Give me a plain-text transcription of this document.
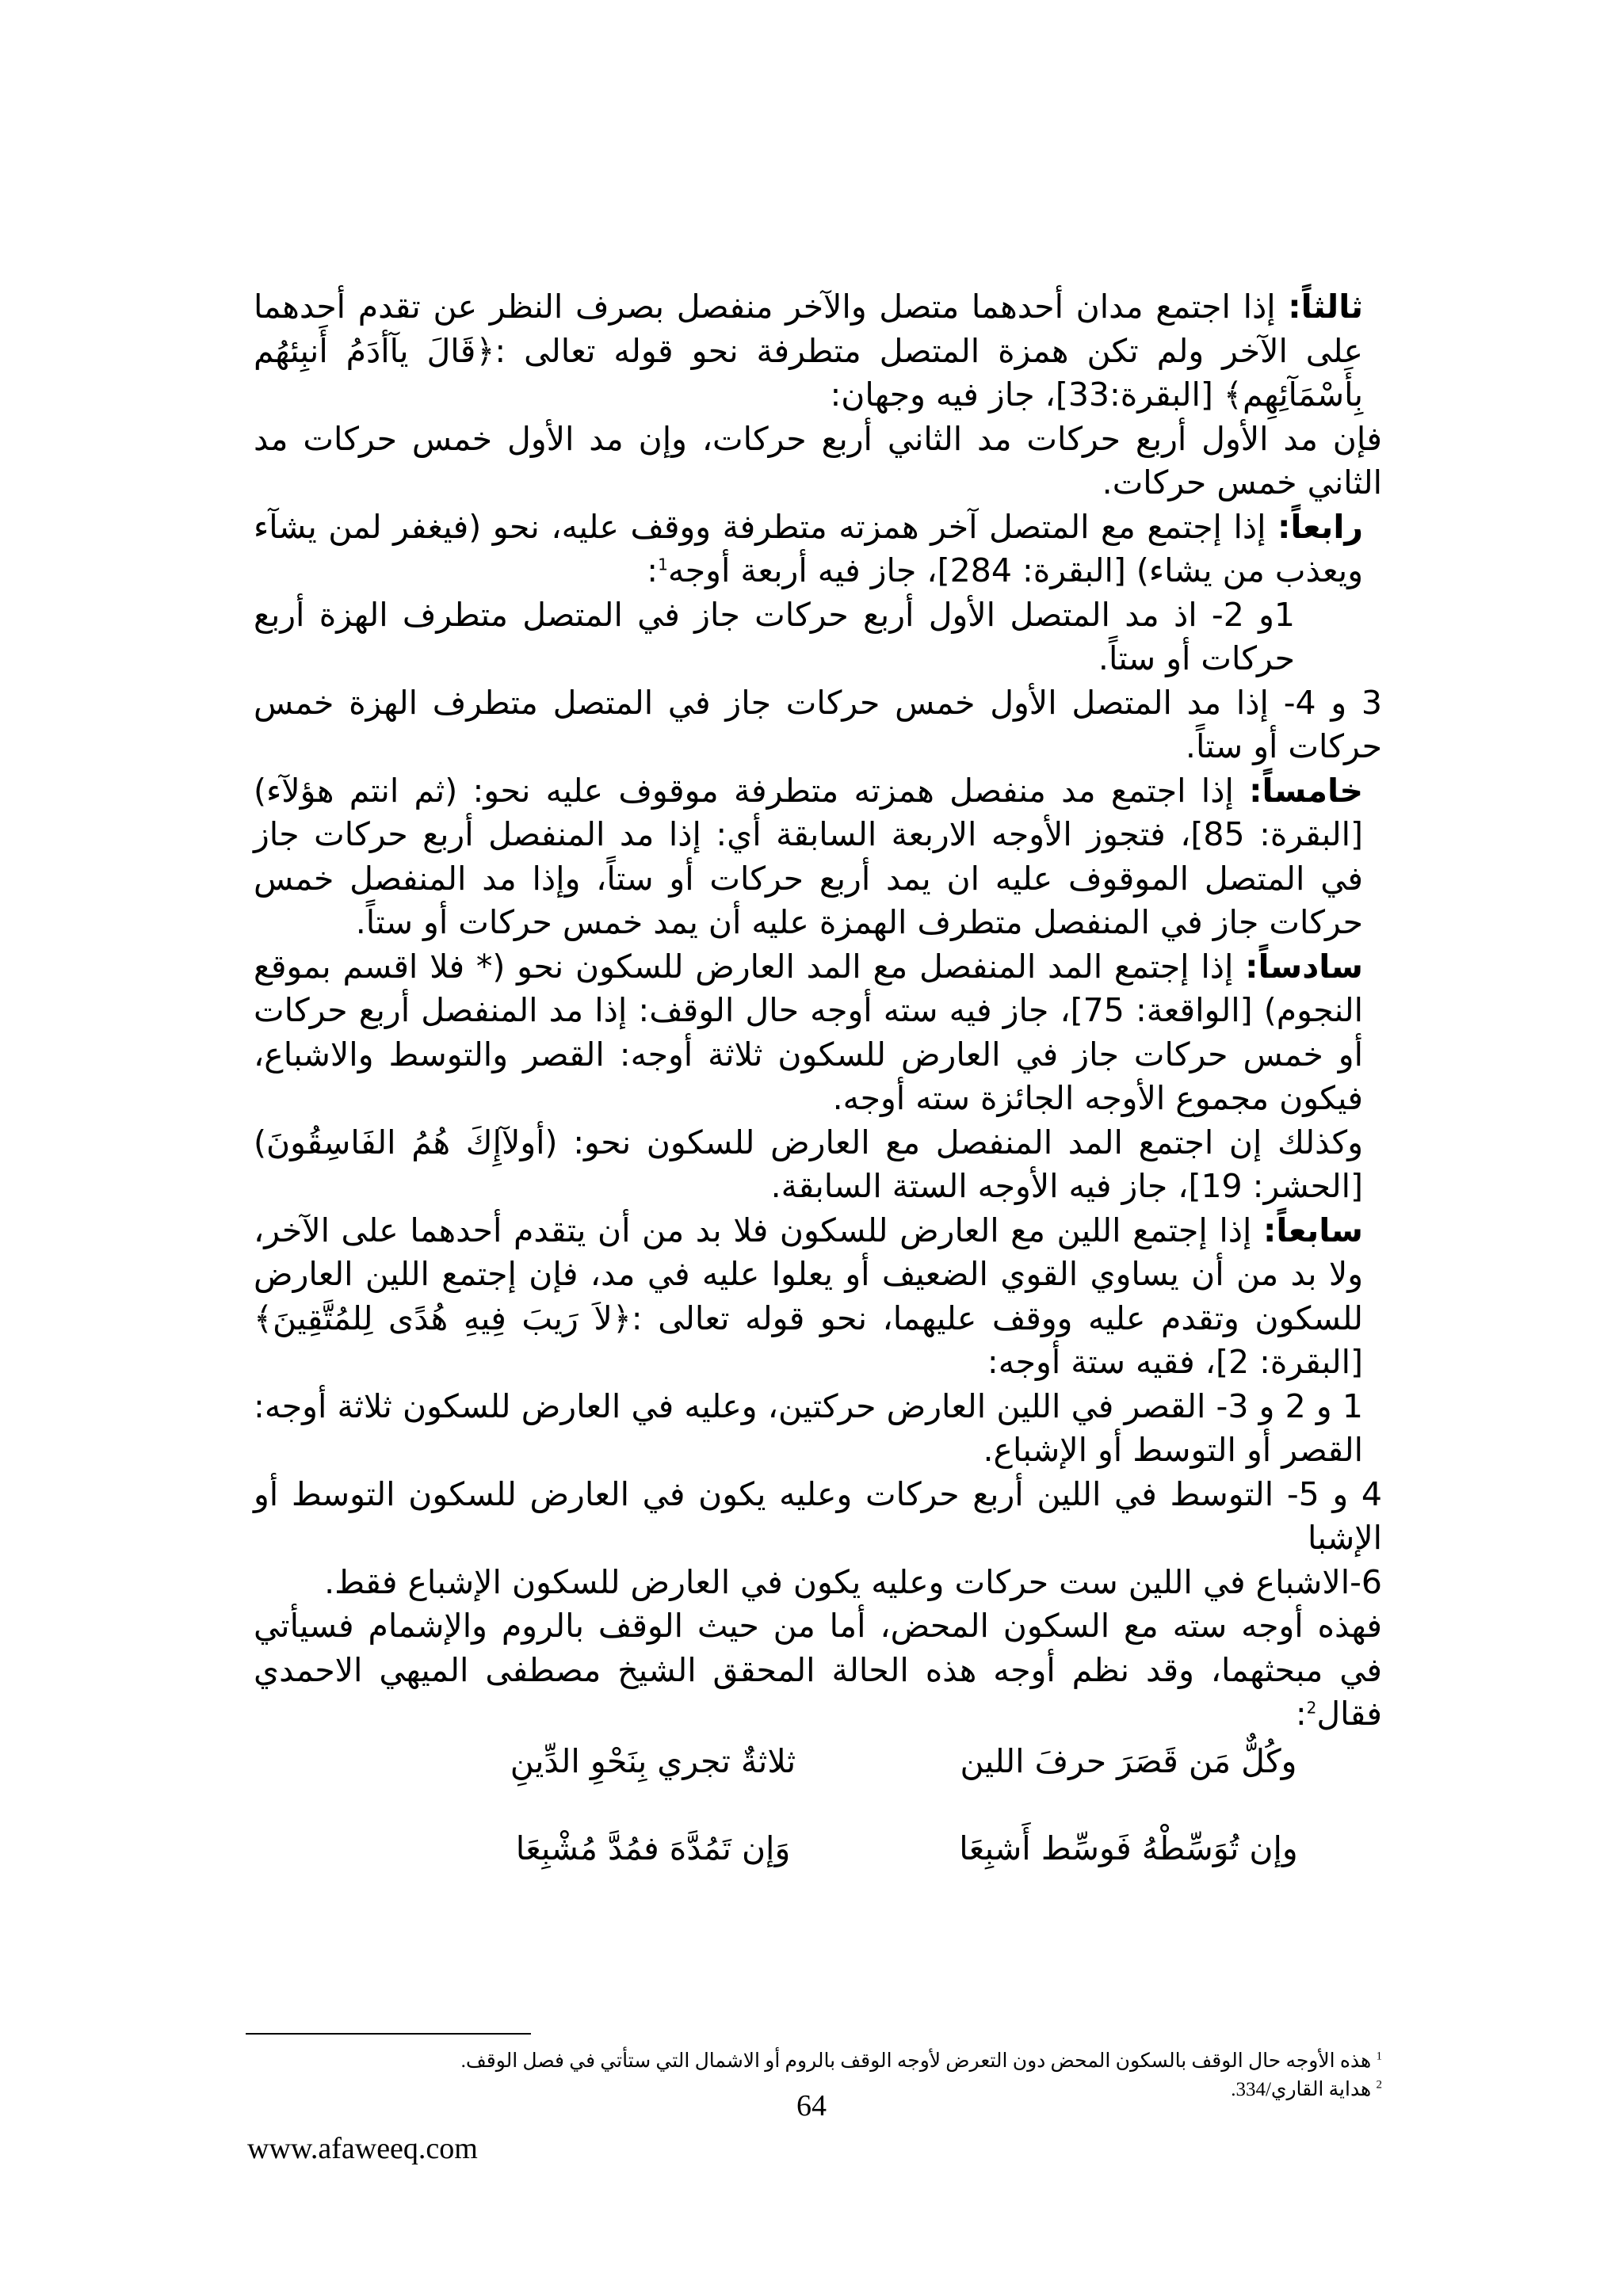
ثالثاً: إذا اجتمع مدان أحدهما متصل والآخر منفصل بصرف النظر عن تقدم أحدهما على الآخر ولم تكن همزة المتصل متطرفة نحو قوله تعالى :﴿قَالَ يآأدَمُ أَنبِئهُم بِأَسْمَآئِهِم﴾ [البقرة:33]، جاز فيه وجهان:

فإن مد الأول أربع حركات مد الثاني أربع حركات، وإن مد الأول خمس حركات مد الثاني خمس حركات.

رابعاً: إذا إجتمع مع المتصل آخر همزته متطرفة ووقف عليه، نحو (فيغفر لمن يشآء ويعذب من يشاء) [البقرة: 284]، جاز فيه أربعة أوجه$^1$:

1و 2- اذ مد المتصل الأول أربع حركات جاز في المتصل متطرف الهزة أربع حركات أو ستاً.

3 و 4- إذا مد المتصل الأول خمس حركات جاز في المتصل متطرف الهزة خمس حركات أو ستاً.

خامساً: إذا اجتمع مد منفصل همزته متطرفة موقوف عليه نحو: (ثم انتم هؤلآء) [البقرة: 85]، فتجوز الأوجه الاربعة السابقة أي: إذا مد المنفصل أربع حركات جاز في المتصل الموقوف عليه ان يمد أربع حركات أو ستاً، وإذا مد المنفصل خمس حركات جاز في المنفصل متطرف الهمزة عليه أن يمد خمس حركات أو ستاً.

سادساً: إذا إجتمع المد المنفصل مع المد العارض للسكون نحو (* فلا اقسم بموقع النجوم) [الواقعة: 75]، جاز فيه سته أوجه حال الوقف: إذا مد المنفصل أربع حركات أو خمس حركات جاز في العارض للسكون ثلاثة أوجه: القصر والتوسط والاشباع، فيكون مجموع الأوجه الجائزة سته أوجه.

وكذلك إن اجتمع المد المنفصل مع العارض للسكون نحو: (أولآإِكَ هُمُ الفَاسِقُونَ) [الحشر: 19]، جاز فيه الأوجه الستة السابقة.

سابعاً: إذا إجتمع اللين مع العارض للسكون فلا بد من أن يتقدم أحدهما على الآخر، ولا بد من أن يساوي القوي الضعيف أو يعلوا عليه في مد، فإن إجتمع اللين العارض للسكون وتقدم عليه ووقف عليهما، نحو قوله تعالى :﴿لاَ رَيبَ فِيهِ هُدًى لِلمُتَّقِينَ﴾ [البقرة: 2]، فقيه ستة أوجه:

1 و 2 و 3- القصر في اللين العارض حركتين، وعليه في العارض للسكون ثلاثة أوجه: القصر أو التوسط أو الإشباع.

4 و 5- التوسط في اللين أربع حركات وعليه يكون في العارض للسكون التوسط أو الإشبا

6-الاشباع في اللين ست حركات وعليه يكون في العارض للسكون الإشباع فقط.

فهذه أوجه سته مع السكون المحض، أما من حيث الوقف بالروم والإشمام فسيأتي في مبحثهما، وقد نظم أوجه هذه الحالة المحقق الشيخ مصطفى الميهي الاحمدي فقال$^2$:

وكُلٌّ مَن قَصَرَ حرفَ اللين
ثلاثةٌ تجري بِنَحْوِ الدِّينِ
وإن تُوَسِّطْهُ فَوسِّط أَشبِعَا
وَإن تَمُدَّهَ فمُدَّ مُشْبِعَا

$^1$ هذه الأوجه حال الوقف بالسكون المحض دون التعرض لأوجه الوقف بالروم أو الاشمال التي ستأتي في فصل الوقف.

$^2$ هداية القاري/334.

64
www.afaweeq.com
